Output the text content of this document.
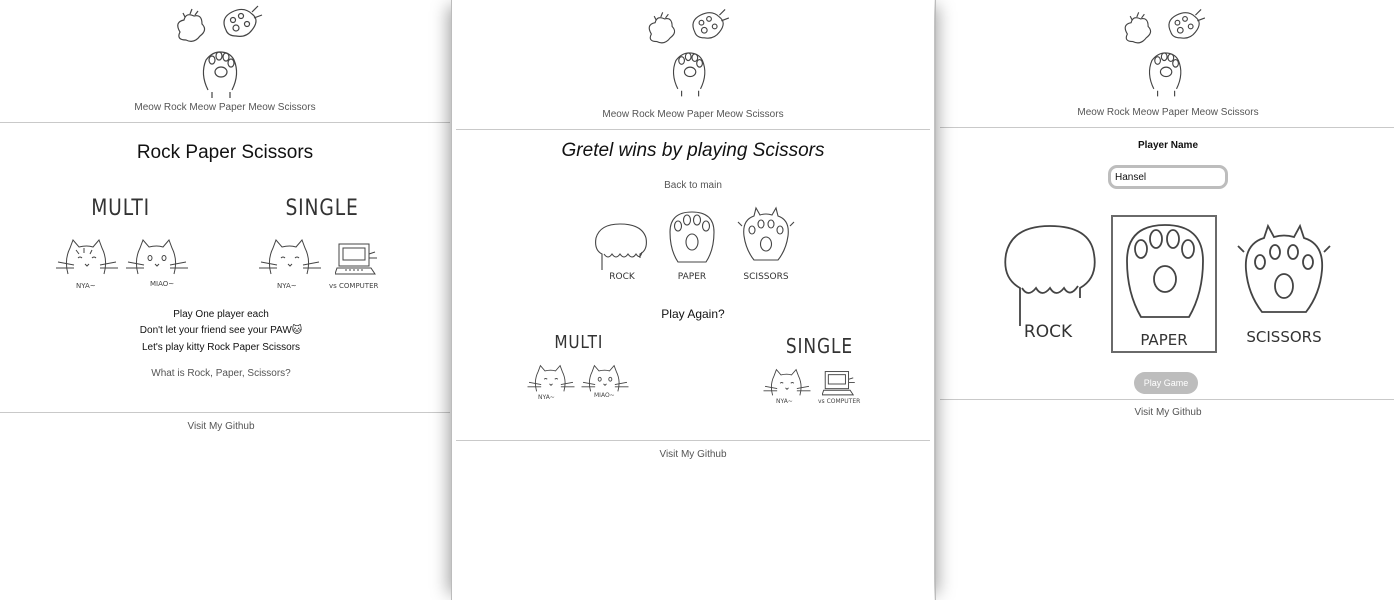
Meow Rock Meow Paper Meow Scissors
Rock Paper Scissors
MULTI
NYA~	MIAO~
SINGLE
NYA~	vs COMPUTER
Play One player each
Don't let your friend see your PAW🐱
Let's play kitty Rock Paper Scissors
What is Rock, Paper, Scissors?
Visit My Github
Meow Rock Meow Paper Meow Scissors
Gretel wins by playing Scissors
Back to main
ROCK	PAPER	SCISSORS
Play Again?
MULTI
NYA~	MIAO~
SINGLE
NYA~	vs COMPUTER
Visit My Github
Meow Rock Meow Paper Meow Scissors
Player Name
Hansel
ROCK	PAPER	SCISSORS
Play Game
Visit My Github
